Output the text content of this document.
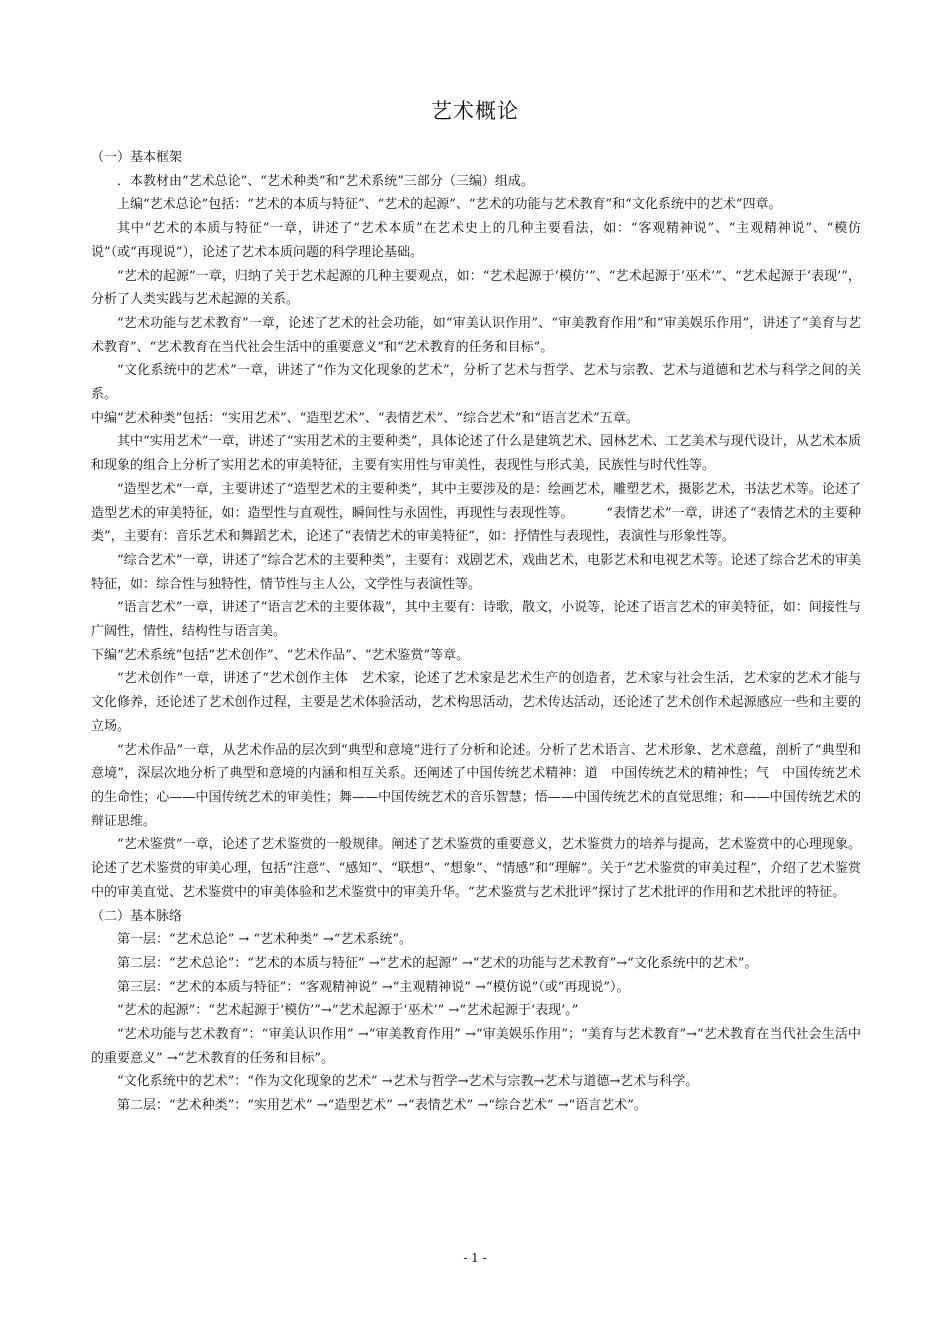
艺术概论

（一）基本框架

．本教材由“艺术总论”、“艺术种类”和“艺术系统”三部分（三编）组成。

上编“艺术总论”包括：“艺术的本质与特征”、“艺术的起源”、“艺术的功能与艺术教育”和“文化系统中的艺术”四章。

其中“艺术的本质与特征”一章，讲述了“艺术本质”在艺术史上的几种主要看法，如：“客观精神说”、“主观精神说”、“模仿说”（或“再现说”），论述了艺术本质问题的科学理论基础。

“艺术的起源”一章，归纳了关于艺术起源的几种主要观点，如：“艺术起源于‘模仿’”、“艺术起源于‘巫术’”、“艺术起源于‘表现’”，分析了人类实践与艺术起源的关系。

“艺术功能与艺术教育”一章，论述了艺术的社会功能，如“审美认识作用”、“审美教育作用”和“审美娱乐作用”，讲述了“美育与艺术教育”、“艺术教育在当代社会生活中的重要意义”和“艺术教育的任务和目标”。

“文化系统中的艺术”一章，讲述了“作为文化现象的艺术”，分析了艺术与哲学、艺术与宗教、艺术与道德和艺术与科学之间的关系。

中编“艺术种类”包括：“实用艺术”、“造型艺术”、“表情艺术”、“综合艺术”和“语言艺术”五章。

其中“实用艺术”一章，讲述了“实用艺术的主要种类”，具体论述了什么是建筑艺术、园林艺术、工艺美术与现代设计，从艺术本质和现象的组合上分析了实用艺术的审美特征，主要有实用性与审美性，表现性与形式美，民族性与时代性等。

“造型艺术”一章，主要讲述了“造型艺术的主要种类”，其中主要涉及的是：绘画艺术，雕塑艺术，摄影艺术，书法艺术等。论述了造型艺术的审美特征，如：造型性与直观性，瞬间性与永固性，再现性与表现性等。　　　“表情艺术”一章，讲述了“表情艺术的主要种类”，主要有：音乐艺术和舞蹈艺术，论述了“表情艺术的审美特征”，如：抒情性与表现性，表演性与形象性等。

“综合艺术”一章，讲述了“综合艺术的主要种类”，主要有：戏剧艺术，戏曲艺术，电影艺术和电视艺术等。论述了综合艺术的审美特征，如：综合性与独特性，情节性与主人公，文学性与表演性等。

“语言艺术”一章，讲述了“语言艺术的主要体裁”，其中主要有：诗歌，散文，小说等，论述了语言艺术的审美特征，如：间接性与广阔性，情性，结构性与语言美。

下编“艺术系统”包括“艺术创作”、“艺术作品”、“艺术鉴赏”等章。

“艺术创作”一章，讲述了“艺术创作主体　艺术家，论述了艺术家是艺术生产的创造者，艺术家与社会生活，艺术家的艺术才能与文化修养，还论述了艺术创作过程，主要是艺术体验活动，艺术构思活动，艺术传达活动，还论述了艺术创作术起源感应一些和主要的立场。

“艺术作品”一章，从艺术作品的层次到“典型和意境”进行了分析和论述。分析了艺术语言、艺术形象、艺术意蕴，剖析了“典型和意境”，深层次地分析了典型和意境的内涵和相互关系。还阐述了中国传统艺术精神：道　中国传统艺术的精神性；气　中国传统艺术的生命性；心——中国传统艺术的审美性；舞——中国传统艺术的音乐智慧；悟——中国传统艺术的直觉思维；和——中国传统艺术的辩证思维。

“艺术鉴赏”一章，论述了艺术鉴赏的一般规律。阐述了艺术鉴赏的重要意义，艺术鉴赏力的培养与提高，艺术鉴赏中的心理现象。论述了艺术鉴赏的审美心理，包括“注意”、“感知”、“联想”、“想象”、“情感”和“理解”。关于“艺术鉴赏的审美过程”，介绍了艺术鉴赏中的审美直觉、艺术鉴赏中的审美体验和艺术鉴赏中的审美升华。“艺术鉴赏与艺术批评”探讨了艺术批评的作用和艺术批评的特征。

（二）基本脉络

第一层：“艺术总论” → “艺术种类” →“艺术系统”。

第二层：“艺术总论”：“艺术的本质与特征” →“艺术的起源” →“艺术的功能与艺术教育”→“文化系统中的艺术”。

第三层：“艺术的本质与特征”：“客观精神说” →“主观精神说” →“模仿说”（或“再现说”）。

“艺术的起源”：“艺术起源于‘模仿’”→“艺术起源于‘巫术’” →“艺术起源于‘表现’。”

“艺术功能与艺术教育”：“审美认识作用” →“审美教育作用” →“审美娱乐作用”；“美育与艺术教育”→“艺术教育在当代社会生活中的重要意义” →“艺术教育的任务和目标”。

“文化系统中的艺术”：“作为文化现象的艺术” →艺术与哲学→艺术与宗教→艺术与道德→艺术与科学。

第二层：“艺术种类”：“实用艺术” →“造型艺术” →“表情艺术” →“综合艺术” →“语言艺术”。

- 1 -
